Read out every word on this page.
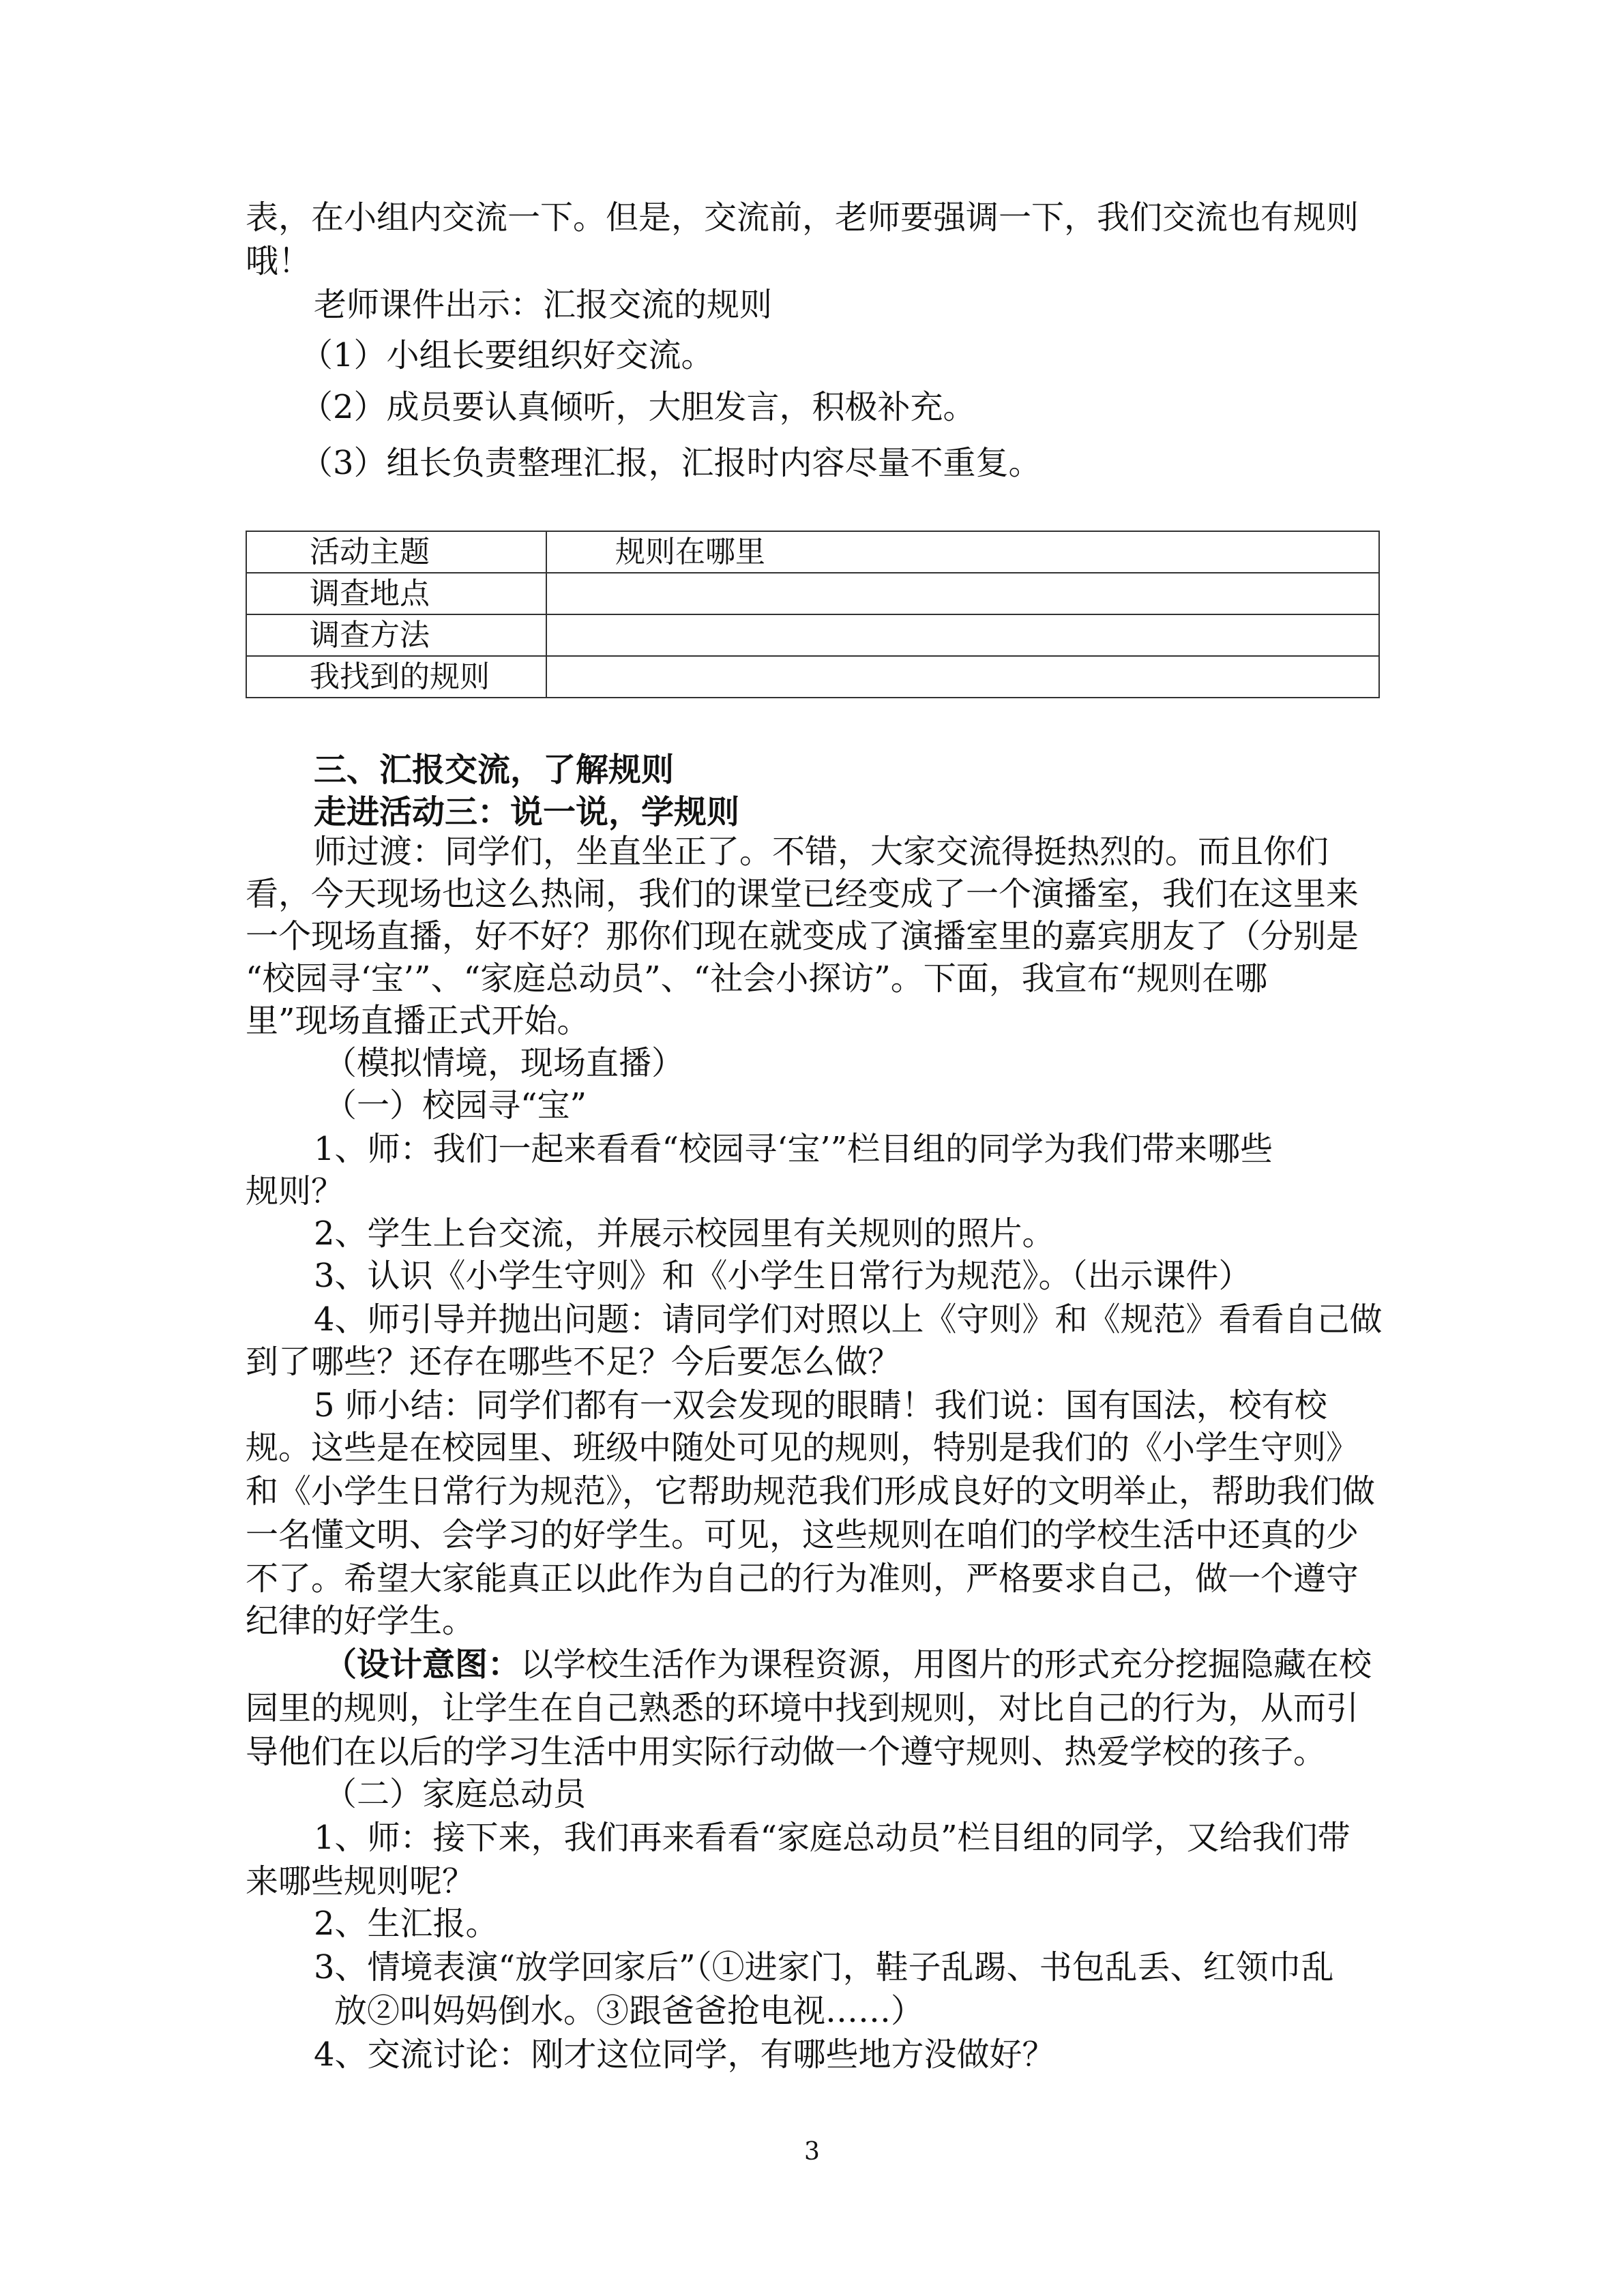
表，在小组内交流一下。但是，交流前，老师要强调一下，我们交流也有规则
哦！
老师课件出示：汇报交流的规则
（1）小组长要组织好交流。
（2）成员要认真倾听，大胆发言，积极补充。
（3）组长负责整理汇报，汇报时内容尽量不重复。
活动主题	规则在哪里
调查地点	
调查方法	
我找到的规则	
三、汇报交流，了解规则
走进活动三：说一说，学规则
师过渡：同学们，坐直坐正了。不错，大家交流得挺热烈的。而且你们
看，今天现场也这么热闹，我们的课堂已经变成了一个演播室，我们在这里来
一个现场直播，好不好？那你们现在就变成了演播室里的嘉宾朋友了（分别是
“校园寻‘宝’”、“家庭总动员”、“社会小探访”。下面，我宣布“规则在哪
里”现场直播正式开始。
（模拟情境，现场直播）
（一）校园寻“宝”
1、师：我们一起来看看“校园寻‘宝’”栏目组的同学为我们带来哪些
规则？
2、学生上台交流，并展示校园里有关规则的照片。
3、认识《小学生守则》和《小学生日常行为规范》。（出示课件）
4、师引导并抛出问题：请同学们对照以上《守则》和《规范》看看自己做
到了哪些？还存在哪些不足？今后要怎么做？
5 师小结：同学们都有一双会发现的眼睛！我们说：国有国法，校有校
规。这些是在校园里、班级中随处可见的规则，特别是我们的《小学生守则》
和《小学生日常行为规范》，它帮助规范我们形成良好的文明举止，帮助我们做
一名懂文明、会学习的好学生。可见，这些规则在咱们的学校生活中还真的少
不了。希望大家能真正以此作为自己的行为准则，严格要求自己，做一个遵守
纪律的好学生。
（设计意图：以学校生活作为课程资源，用图片的形式充分挖掘隐藏在校
园里的规则，让学生在自己熟悉的环境中找到规则，对比自己的行为，从而引
导他们在以后的学习生活中用实际行动做一个遵守规则、热爱学校的孩子。
（二）家庭总动员
1、师：接下来，我们再来看看“家庭总动员”栏目组的同学，又给我们带
来哪些规则呢？
2、生汇报。
3、情境表演“放学回家后”（①进家门，鞋子乱踢、书包乱丢、红领巾乱
放②叫妈妈倒水。③跟爸爸抢电视……）
4、交流讨论：刚才这位同学，有哪些地方没做好？
3
